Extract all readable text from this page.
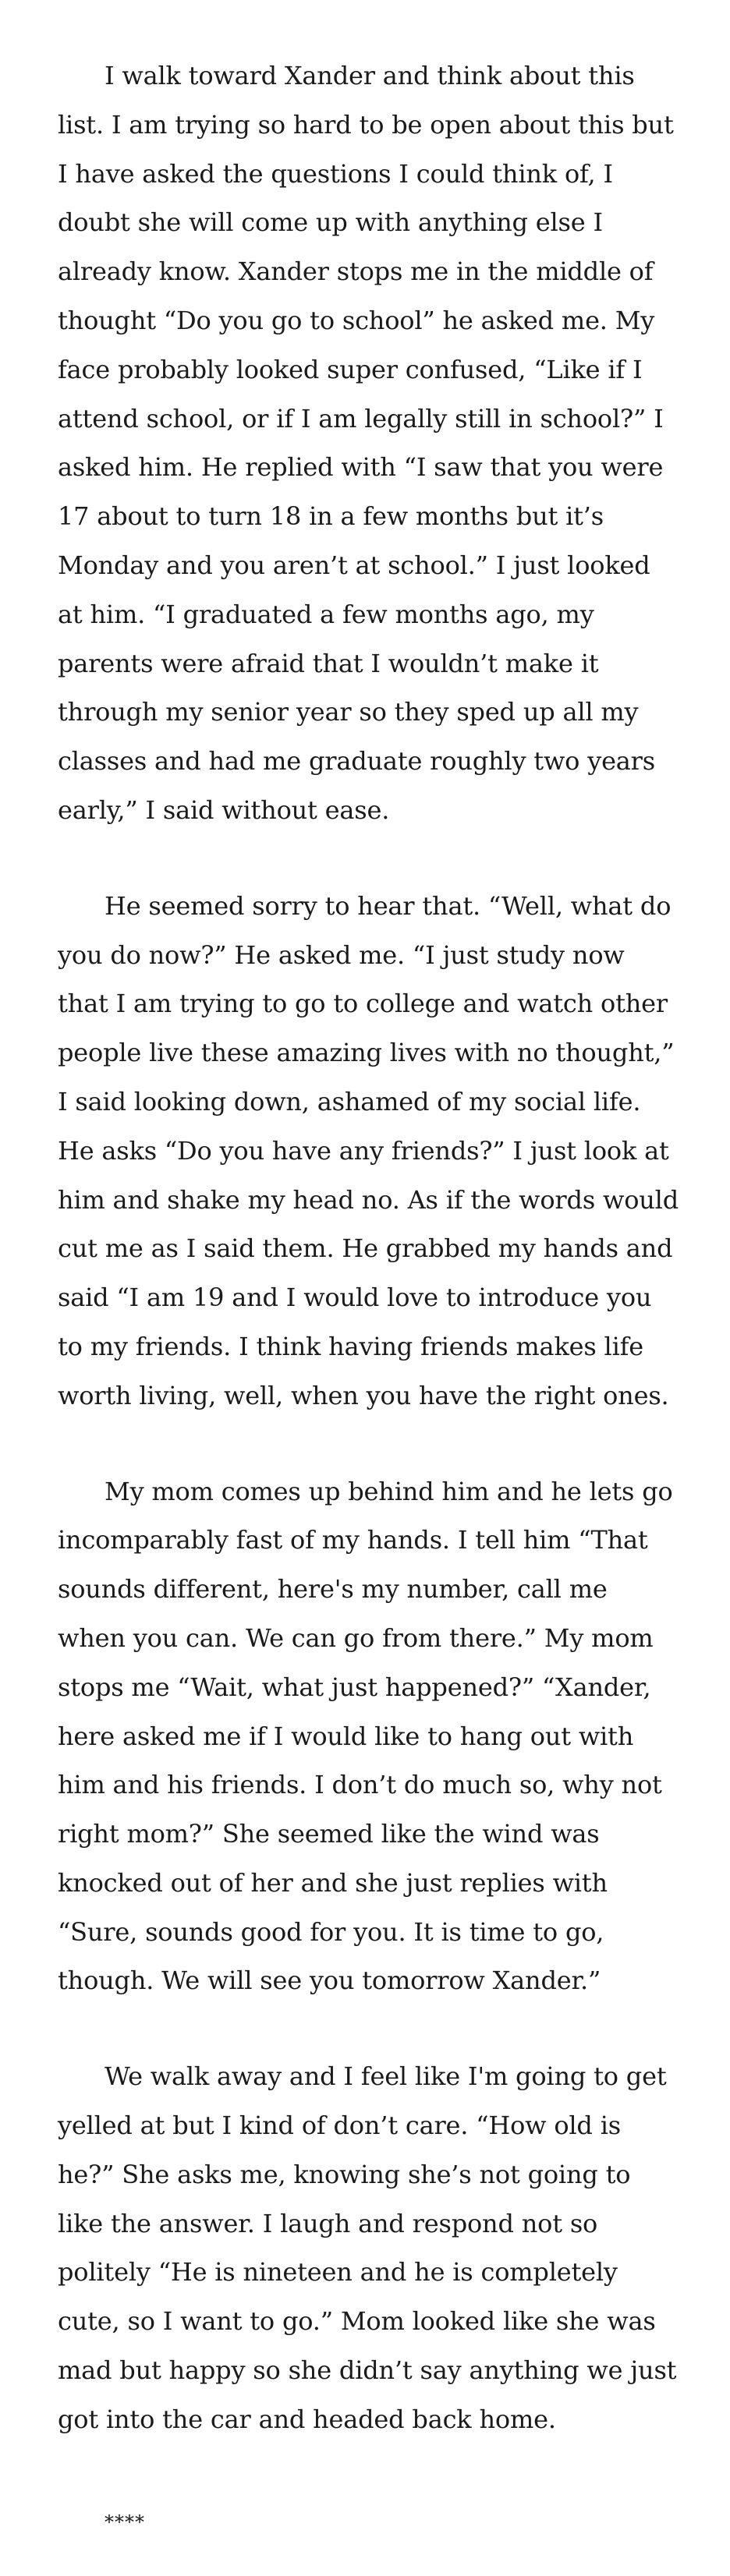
I walk toward Xander and think about this list. I am trying so hard to be open about this but I have asked the questions I could think of, I doubt she will come up with anything else I already know. Xander stops me in the middle of thought “Do you go to school” he asked me. My face probably looked super confused, “Like if I attend school, or if I am legally still in school?” I asked him. He replied with “I saw that you were 17 about to turn 18 in a few months but it’s Monday and you aren’t at school.” I just looked at him. “I graduated a few months ago, my parents were afraid that I wouldn’t make it through my senior year so they sped up all my classes and had me graduate roughly two years early,” I said without ease.

He seemed sorry to hear that. “Well, what do you do now?” He asked me. “I just study now that I am trying to go to college and watch other people live these amazing lives with no thought,” I said looking down, ashamed of my social life. He asks “Do you have any friends?” I just look at him and shake my head no. As if the words would cut me as I said them. He grabbed my hands and said “I am 19 and I would love to introduce you to my friends. I think having friends makes life worth living, well, when you have the right ones.

My mom comes up behind him and he lets go incomparably fast of my hands. I tell him “That sounds different, here's my number, call me when you can. We can go from there.” My mom stops me “Wait, what just happened?” “Xander, here asked me if I would like to hang out with him and his friends. I don’t do much so, why not right mom?” She seemed like the wind was knocked out of her and she just replies with “Sure, sounds good for you. It is time to go, though. We will see you tomorrow Xander.”

We walk away and I feel like I'm going to get yelled at but I kind of don’t care. “How old is he?” She asks me, knowing she’s not going to like the answer. I laugh and respond not so politely “He is nineteen and he is completely cute, so I want to go.” Mom looked like she was mad but happy so she didn’t say anything we just got into the car and headed back home.

****
